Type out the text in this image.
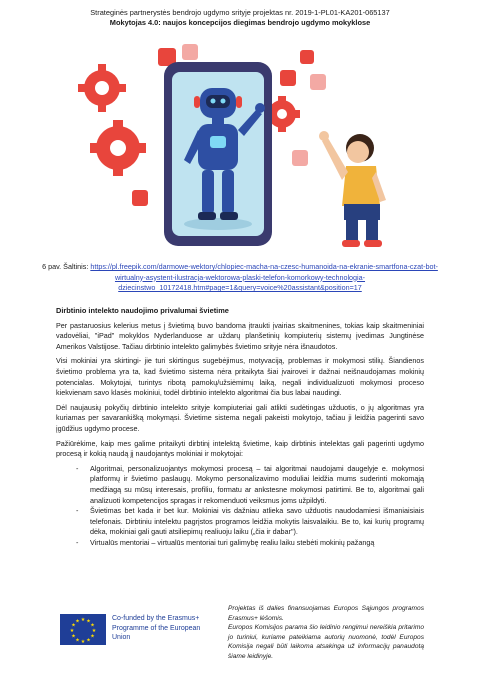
Strateginės partnerystės bendrojo ugdymo srityje projektas nr. 2019-1-PL01-KA201-065137
Mokytojas 4.0: naujos koncepcijos diegimas bendrojo ugdymo mokyklose
6 pav. Šaltinis: https://pl.freepik.com/darmowe-wektory/chlopiec-macha-na-czesc-humanoida-na-ekranie-smartfona-czat-bot-wirtualny-asystent-ilustracja-wektorowa-plaski-telefon-komorkowy-technologia-dziecinstwo_10172418.htm#page=1&query=voice%20assistant&position=17
Dirbtinio intelekto naudojimo privalumai švietime

Per pastaruosius kelerius metus į švietimą buvo bandoma įtraukti įvairias skaitmenines, tokias kaip skaitmeniniai vadovėliai, "iPad" mokyklos Nyderlanduose ar uždarų planšetinių kompiuterių sistemų įvedimas Jungtinėse Amerikos Valstijose. Tačiau dirbtinio intelekto galimybės švietimo srityje nėra išnaudotos.

Visi mokiniai yra skirtingi- jie turi skirtingus sugebėjimus, motyvaciją, problemas ir mokymosi stilių. Šiandienos švietimo problema yra ta, kad švietimo sistema nėra pritaikyta šiai įvairovei ir dažnai neišnaudojamas mokinių potencialas. Mokytojai, turintys ribotą pamokų/užsiėmimų laiką, negali individualizuoti mokymosi proceso kiekvienam savo klasės mokiniui, todėl dirbtinio intelekto algoritmai čia bus labai naudingi.

Dėl naujausių pokyčių dirbtinio intelekto srityje kompiuteriai gali atlikti sudėtingas užduotis, o jų algoritmas yra kuriamas per savarankišką mokymąsi. Švietime sistema negali pakeisti mokytojo, tačiau ji leidžia pagerinti savo įgūdžius ugdymo procese.

Pažiūrėkime, kaip mes galime pritaikyti dirbtinį intelektą švietime, kaip dirbtinis intelektas gali pagerinti ugdymo procesą ir kokią naudą jį naudojantys mokiniai ir mokytojai:

- Algoritmai, personalizuojantys mokymosi procesą – tai algoritmai naudojami daugelyje e. mokymosi platformų ir švietimo paslaugų. Mokymo personalizavimo moduliai leidžia mums suderinti mokomąją medžiagą su mūsų interesais, profiliu, formatu ar ankstesne mokymosi patirtimi. Be to, algoritmai gali analizuoti kompetencijos spragas ir rekomenduoti veiksmus joms užpildyti.
- Švietimas bet kada ir bet kur. Mokiniai vis dažniau atlieka savo užduotis naudodamiesi išmaniaisiais telefonais. Dirbtiniu intelektu pagrįstos programos leidžia mokytis laisvalaikiu. Be to, kai kurių programų dėka, mokiniai gali gauti atsiliepimų realiuoju laiku („čia ir dabar").
- Virtualūs mentoriai – virtualūs mentoriai turi galimybę realiu laiku stebėti mokinių pažangą
★ ★
★
★
★
★
★
★
★
★
★
★	Co-funded by the Erasmus+ Programme of the European Union

Projektas iš dalies finansuojamas Europos Sąjungos programos Erasmus+ lėšomis.

Europos Komisijos parama šio leidinio rengimui nereiškia pritarimo jo turiniui, kuriame pateikiama autorių nuomonė, todėl Europos Komisija negali būti laikoma atsakinga už informacijų panaudotą šiame leidinyje.
